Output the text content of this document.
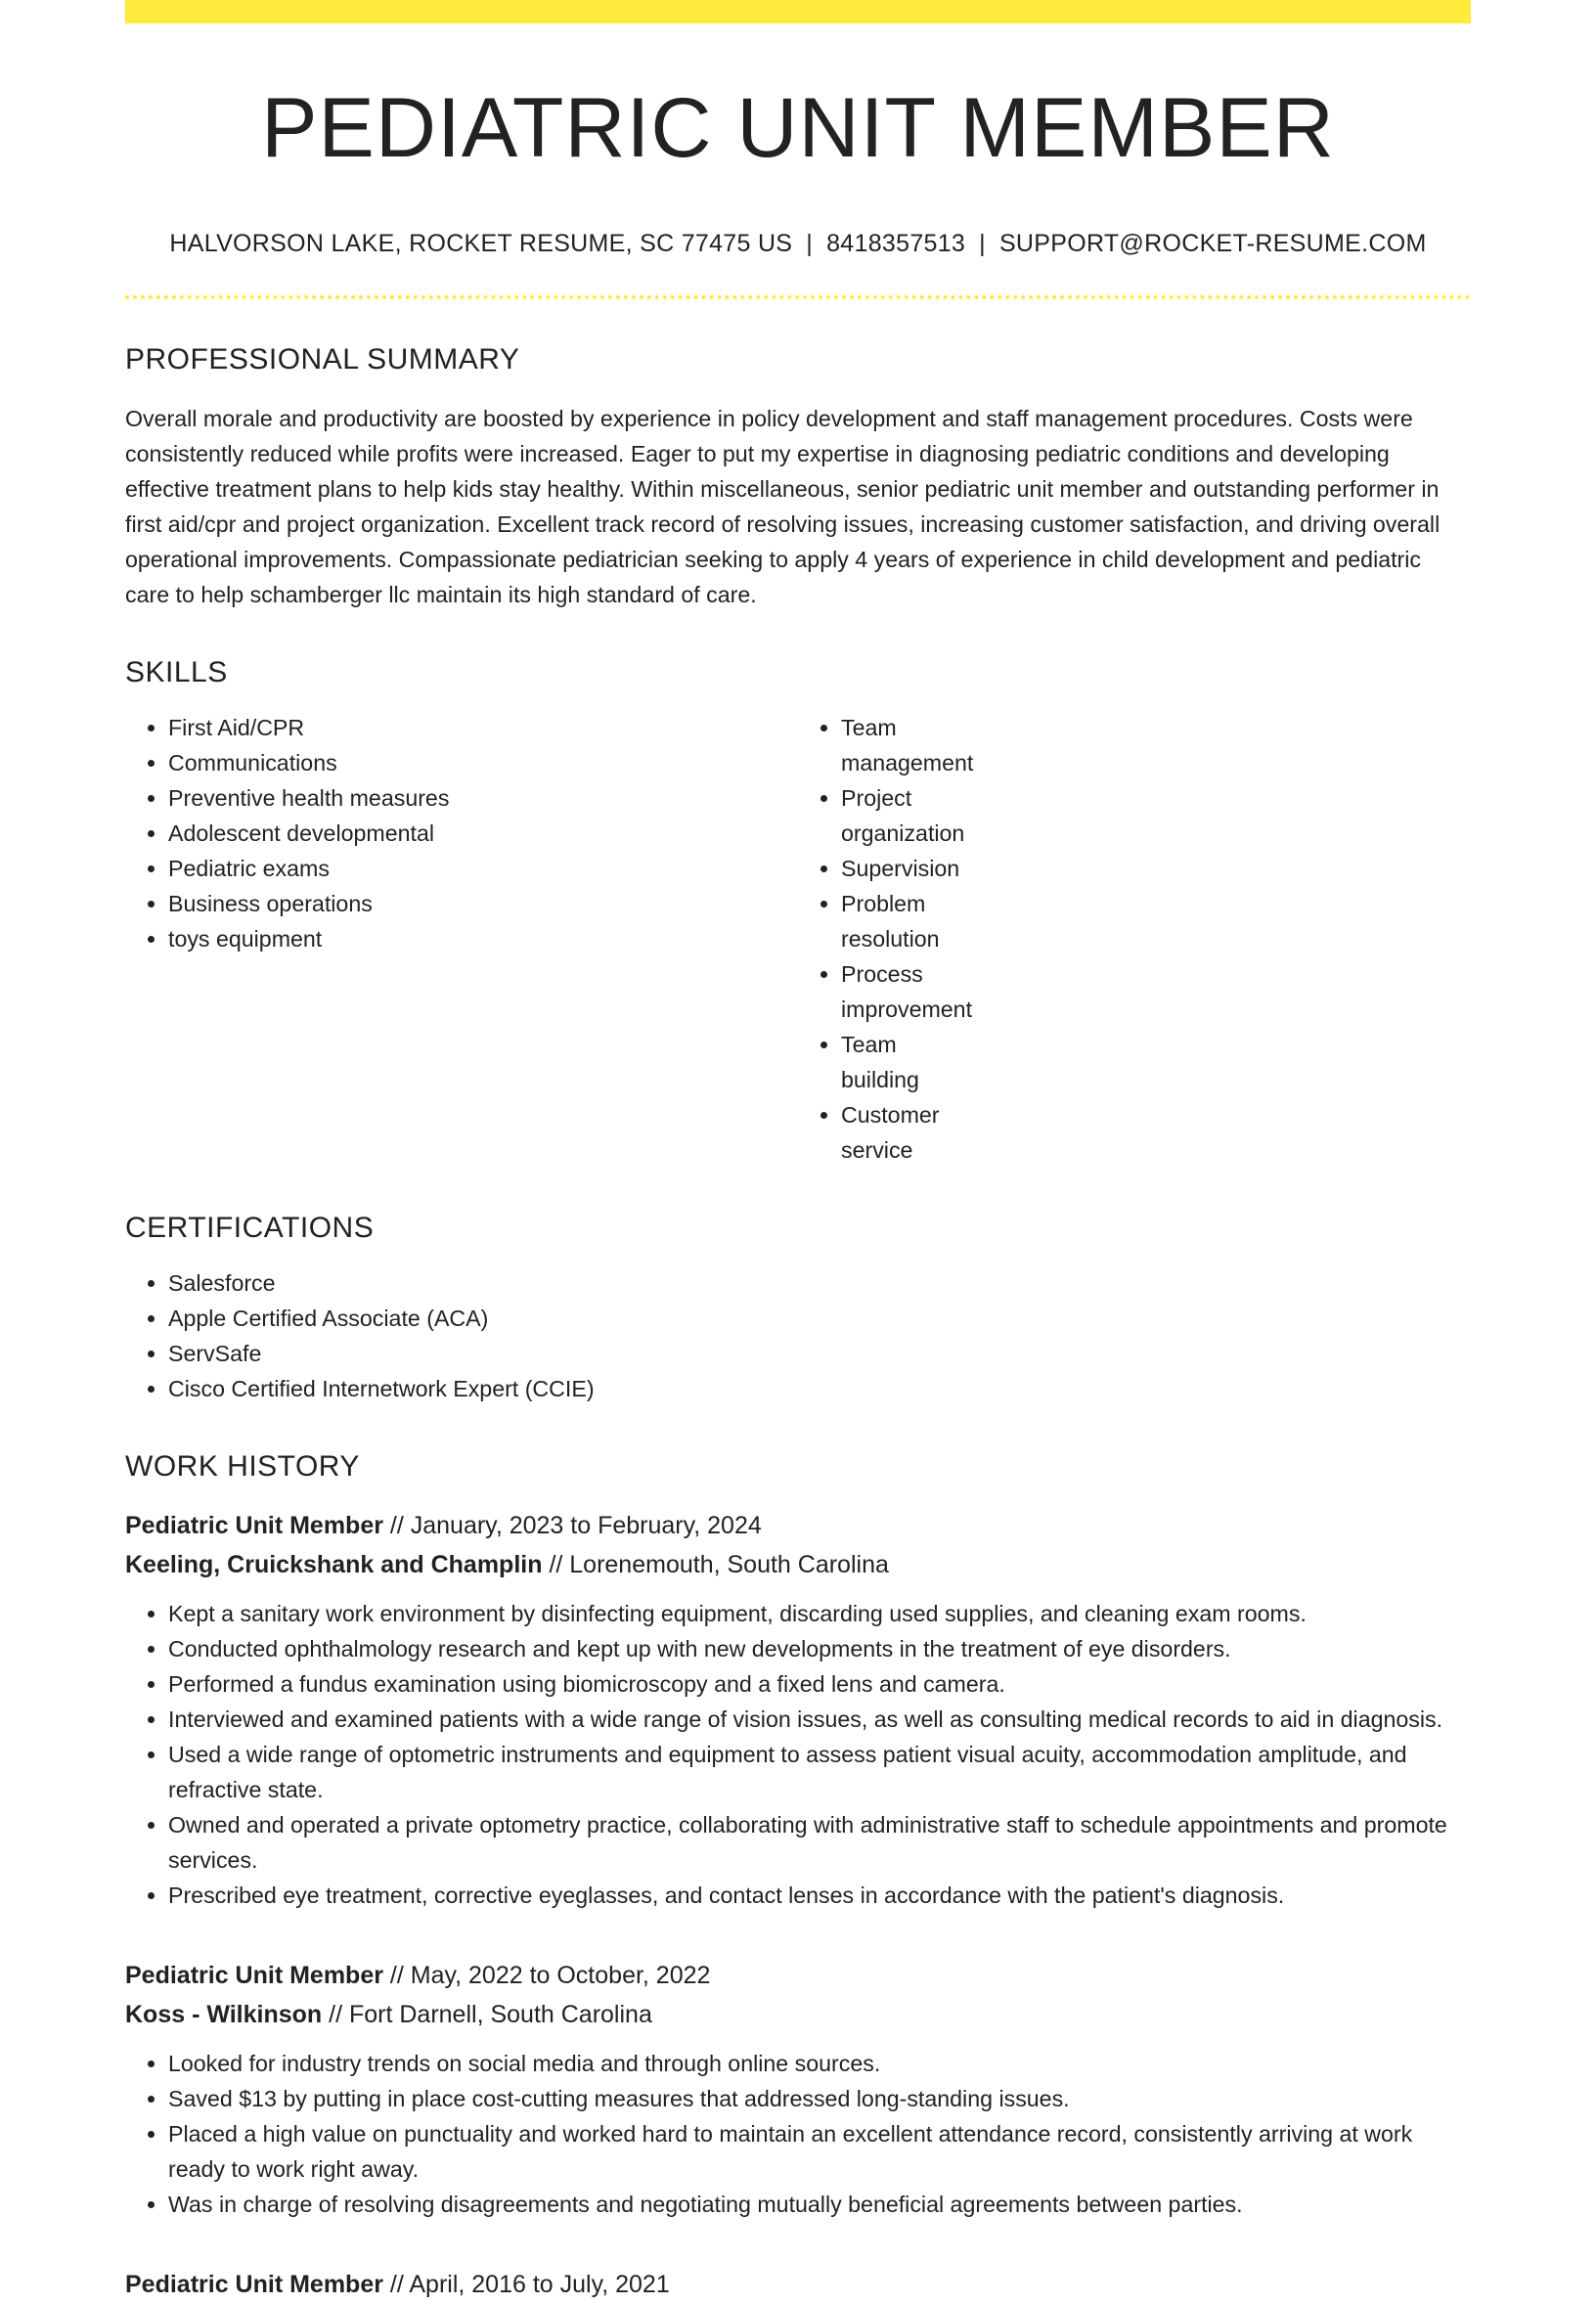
PEDIATRIC UNIT MEMBER
HALVORSON LAKE, ROCKET RESUME, SC 77475 US | 8418357513 | SUPPORT@ROCKET-RESUME.COM
PROFESSIONAL SUMMARY

Overall morale and productivity are boosted by experience in policy development and staff management procedures. Costs were consistently reduced while profits were increased. Eager to put my expertise in diagnosing pediatric conditions and developing effective treatment plans to help kids stay healthy. Within miscellaneous, senior pediatric unit member and outstanding performer in first aid/cpr and project organization. Excellent track record of resolving issues, increasing customer satisfaction, and driving overall operational improvements. Compassionate pediatrician seeking to apply 4 years of experience in child development and pediatric care to help schamberger llc maintain its high standard of care.

SKILLS
• First Aid/CPR
• Communications
• Preventive health measures
• Adolescent developmental
• Pediatric exams
• Business operations
• toys equipment
Team management
Project organization
Supervision
Problem resolution
Process improvement
Team building
Customer service
CERTIFICATIONS
• Salesforce
• Apple Certified Associate (ACA)
• ServSafe
• Cisco Certified Internetwork Expert (CCIE)
WORK HISTORY
Pediatric Unit Member // January, 2023 to February, 2024
Keeling, Cruickshank and Champlin // Lorenemouth, South Carolina
• Kept a sanitary work environment by disinfecting equipment, discarding used supplies, and cleaning exam rooms.
• Conducted ophthalmology research and kept up with new developments in the treatment of eye disorders.
• Performed a fundus examination using biomicroscopy and a fixed lens and camera.
• Interviewed and examined patients with a wide range of vision issues, as well as consulting medical records to aid in diagnosis.
• Used a wide range of optometric instruments and equipment to assess patient visual acuity, accommodation amplitude, and refractive state.
• Owned and operated a private optometry practice, collaborating with administrative staff to schedule appointments and promote services.
• Prescribed eye treatment, corrective eyeglasses, and contact lenses in accordance with the patient's diagnosis.
Pediatric Unit Member // May, 2022 to October, 2022
Koss - Wilkinson // Fort Darnell, South Carolina
• Looked for industry trends on social media and through online sources.
• Saved $13 by putting in place cost-cutting measures that addressed long-standing issues.
• Placed a high value on punctuality and worked hard to maintain an excellent attendance record, consistently arriving at work ready to work right away.
• Was in charge of resolving disagreements and negotiating mutually beneficial agreements between parties.
Pediatric Unit Member // April, 2016 to July, 2021
